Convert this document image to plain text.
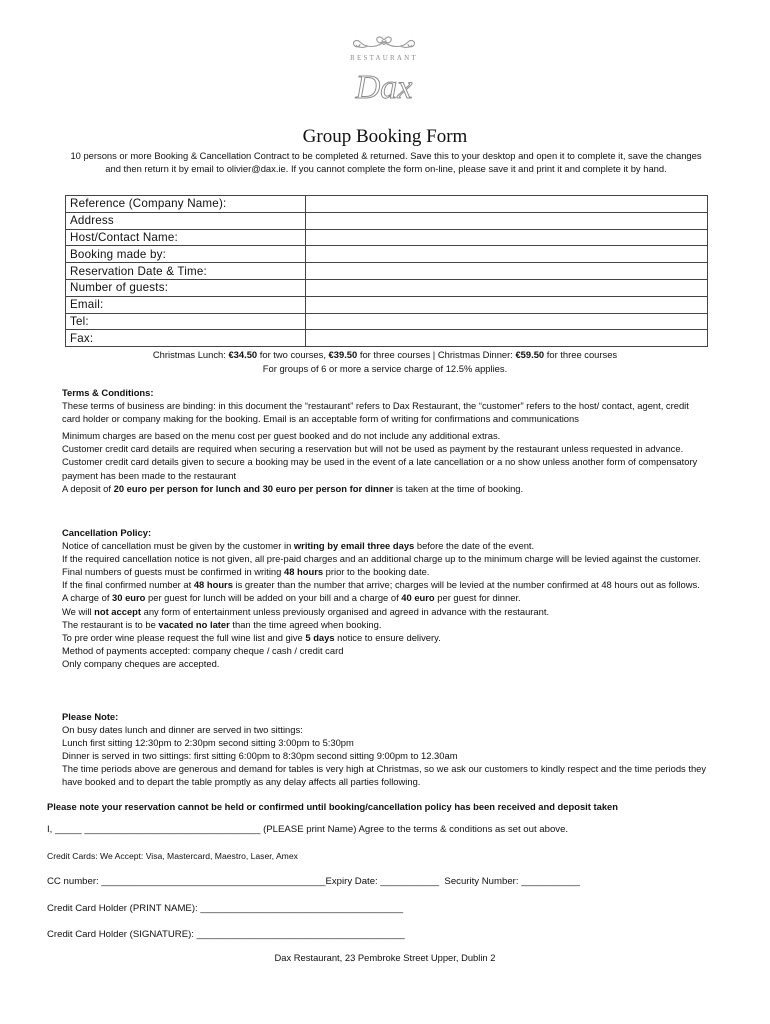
RESTAURANT
Dax
Group Booking Form
10 persons or more Booking & Cancellation Contract to be completed & returned. Save this to your desktop and open it to complete it, save the changes and then return it by email to olivier@dax.ie. If you cannot complete the form on-line, please save it and print it and complete it by hand.
Reference (Company Name):	
Address	
Host/Contact Name:	
Booking made by:	
Reservation Date & Time:	
Number of guests:	
Email:	
Tel:	
Fax:	
Christmas Lunch: €34.50 for two courses, €39.50 for three courses | Christmas Dinner: €59.50 for three courses
For groups of 6 or more a service charge of 12.5% applies.

Terms & Conditions:

These terms of business are binding: in this document the “restaurant” refers to Dax Restaurant, the “customer” refers to the host/ contact, agent, credit card holder or company making for the booking. Email is an acceptable form of writing for confirmations and communications

Minimum charges are based on the menu cost per guest booked and do not include any additional extras.

Customer credit card details are required when securing a reservation but will not be used as payment by the restaurant unless requested in advance.

Customer credit card details given to secure a booking may be used in the event of a late cancellation or a no show unless another form of compensatory payment has been made to the restaurant

A deposit of 20 euro per person for lunch and 30 euro per person for dinner is taken at the time of booking.

Cancellation Policy:

Notice of cancellation must be given by the customer in writing by email three days before the date of the event.

If the required cancellation notice is not given, all pre-paid charges and an additional charge up to the minimum charge will be levied against the customer.

Final numbers of guests must be confirmed in writing 48 hours prior to the booking date.

If the final confirmed number at 48 hours is greater than the number that arrive; charges will be levied at the number confirmed at 48 hours out as follows.

A charge of 30 euro per guest for lunch will be added on your bill and a charge of 40 euro per guest for dinner.

We will not accept any form of entertainment unless previously organised and agreed in advance with the restaurant.

The restaurant is to be vacated no later than the time agreed when booking.

To pre order wine please request the full wine list and give 5 days notice to ensure delivery.

Method of payments accepted: company cheque / cash / credit card

Only company cheques are accepted.

Please Note:

On busy dates lunch and dinner are served in two sittings:

Lunch first sitting 12:30pm to 2:30pm second sitting 3:00pm to 5:30pm

Dinner is served in two sittings: first sitting 6:00pm to 8:30pm second sitting 9:00pm to 12.30am

The time periods above are generous and demand for tables is very high at Christmas, so we ask our customers to kindly respect and the time periods they have booked and to depart the table promptly as any delay affects all parties following.

Please note your reservation cannot be held or confirmed until booking/cancellation policy has been received and deposit taken
I, _____ _________________________________ (PLEASE print Name) Agree to the terms & conditions as set out above.
Credit Cards: We Accept: Visa, Mastercard, Maestro, Laser, Amex
CC number: __________________________________________Expiry Date: ___________  Security Number: ___________
Credit Card Holder (PRINT NAME): ______________________________________
Credit Card Holder (SIGNATURE): _______________________________________
Dax Restaurant, 23 Pembroke Street Upper, Dublin 2
